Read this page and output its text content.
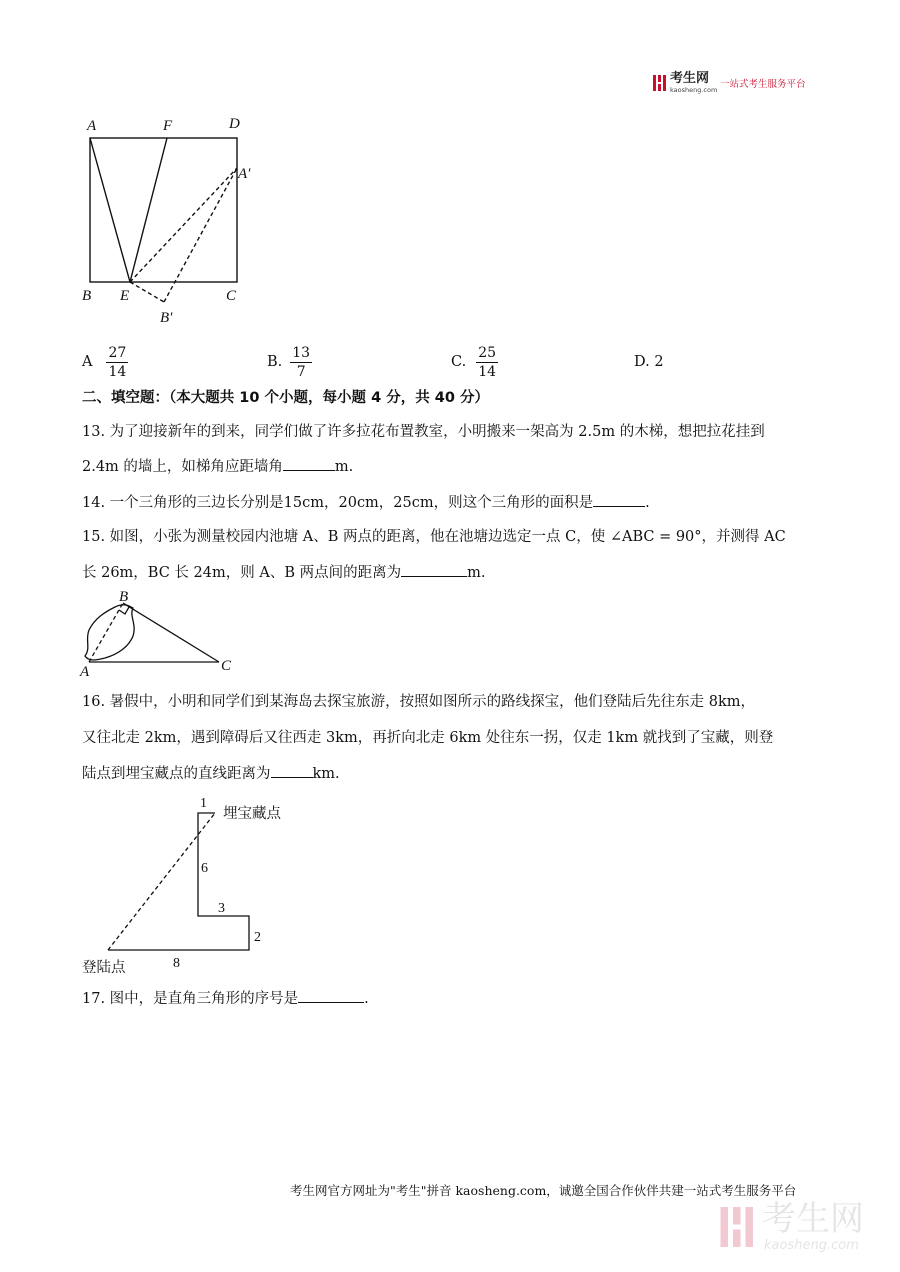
考生网
kaosheng.com 一站式考生服务平台
A	F	D
A′
B E	C
B′
A $\frac{27}{14}$	B. $\frac{13}{7}$	C. $\frac{25}{14}$	D. 2
二、填空题：（本大题共 10 个小题，每小题 4 分，共 40 分）
13. 为了迎接新年的到来，同学们做了许多拉花布置教室，小明搬来一架高为 2.5m 的木梯，想把拉花挂到
2.4m 的墙上，如梯角应距墙角	m.
14. 一个三角形的三边长分别是15cm，20cm，25cm，则这个三角形的面积是	.
15. 如图，小张为测量校园内池塘 A、B 两点的距离，他在池塘边选定一点 C，使 ∠ABC = 90°，并测得 AC
长 26m，BC 长 24m，则 A、B 两点间的距离为	m.
B
A	C
16. 暑假中，小明和同学们到某海岛去探宝旅游，按照如图所示的路线探宝，他们登陆后先往东走 8km，
又往北走 2km，遇到障碍后又往西走 3km，再折向北走 6km 处往东一拐，仅走 1km 就找到了宝藏，则登
陆点到埋宝藏点的直线距离为	km.
1
埋宝藏点
6
3
2
登陆点	8
17. 图中，是直角三角形的序号是	.
考生网官方网址为"考生"拼音 kaosheng.com，诚邀全国合作伙伴共建一站式考生服务平台
考生网
kaosheng.com
